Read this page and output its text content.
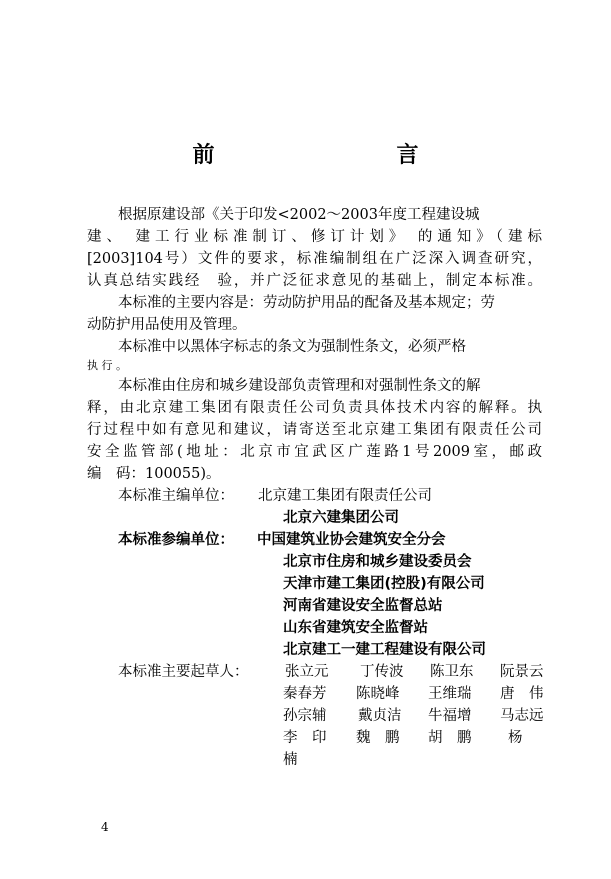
前　　言
根据原建设部《关于印发<2002～2003年度工程建设城
建、 建工行业标准制订、修订计划》 的通知》（建标
[2003]104号）文件的要求，标准编制组在广泛深入调查研究，
认真总结实践经　验，并广泛征求意见的基础上，制定本标准。
本标准的主要内容是：劳动防护用品的配备及基本规定；劳
动防护用品使用及管理。
本标准中以黑体字标志的条文为强制性条文，必须严格
执 行 。
本标准由住房和城乡建设部负责管理和对强制性条文的解
释，由北京建工集团有限责任公司负责具体技术内容的解释。执
行过程中如有意见和建议，请寄送至北京建工集团有限责任公司
安全监管部(地址：北京市宜武区广莲路1号2009室，邮政
编　码：100055)。
本标准主编单位： 北京建工集团有限责任公司
北京六建集团公司
本标准参编单位： 中国建筑业协会建筑安全分会
北京市住房和城乡建设委员会
天津市建工集团(控股)有限公司
河南省建设安全监督总站
山东省建筑安全监督站
北京建工一建工程建设有限公司
本标准主要起草人：	张立元 丁传波 陈卫东 阮景云
秦春芳 陈晓峰 王维瑞 唐　伟
孙宗辅 戴贞洁 牛福增 马志远
李　印 魏　鹏 胡　鹏	杨
楠
4
